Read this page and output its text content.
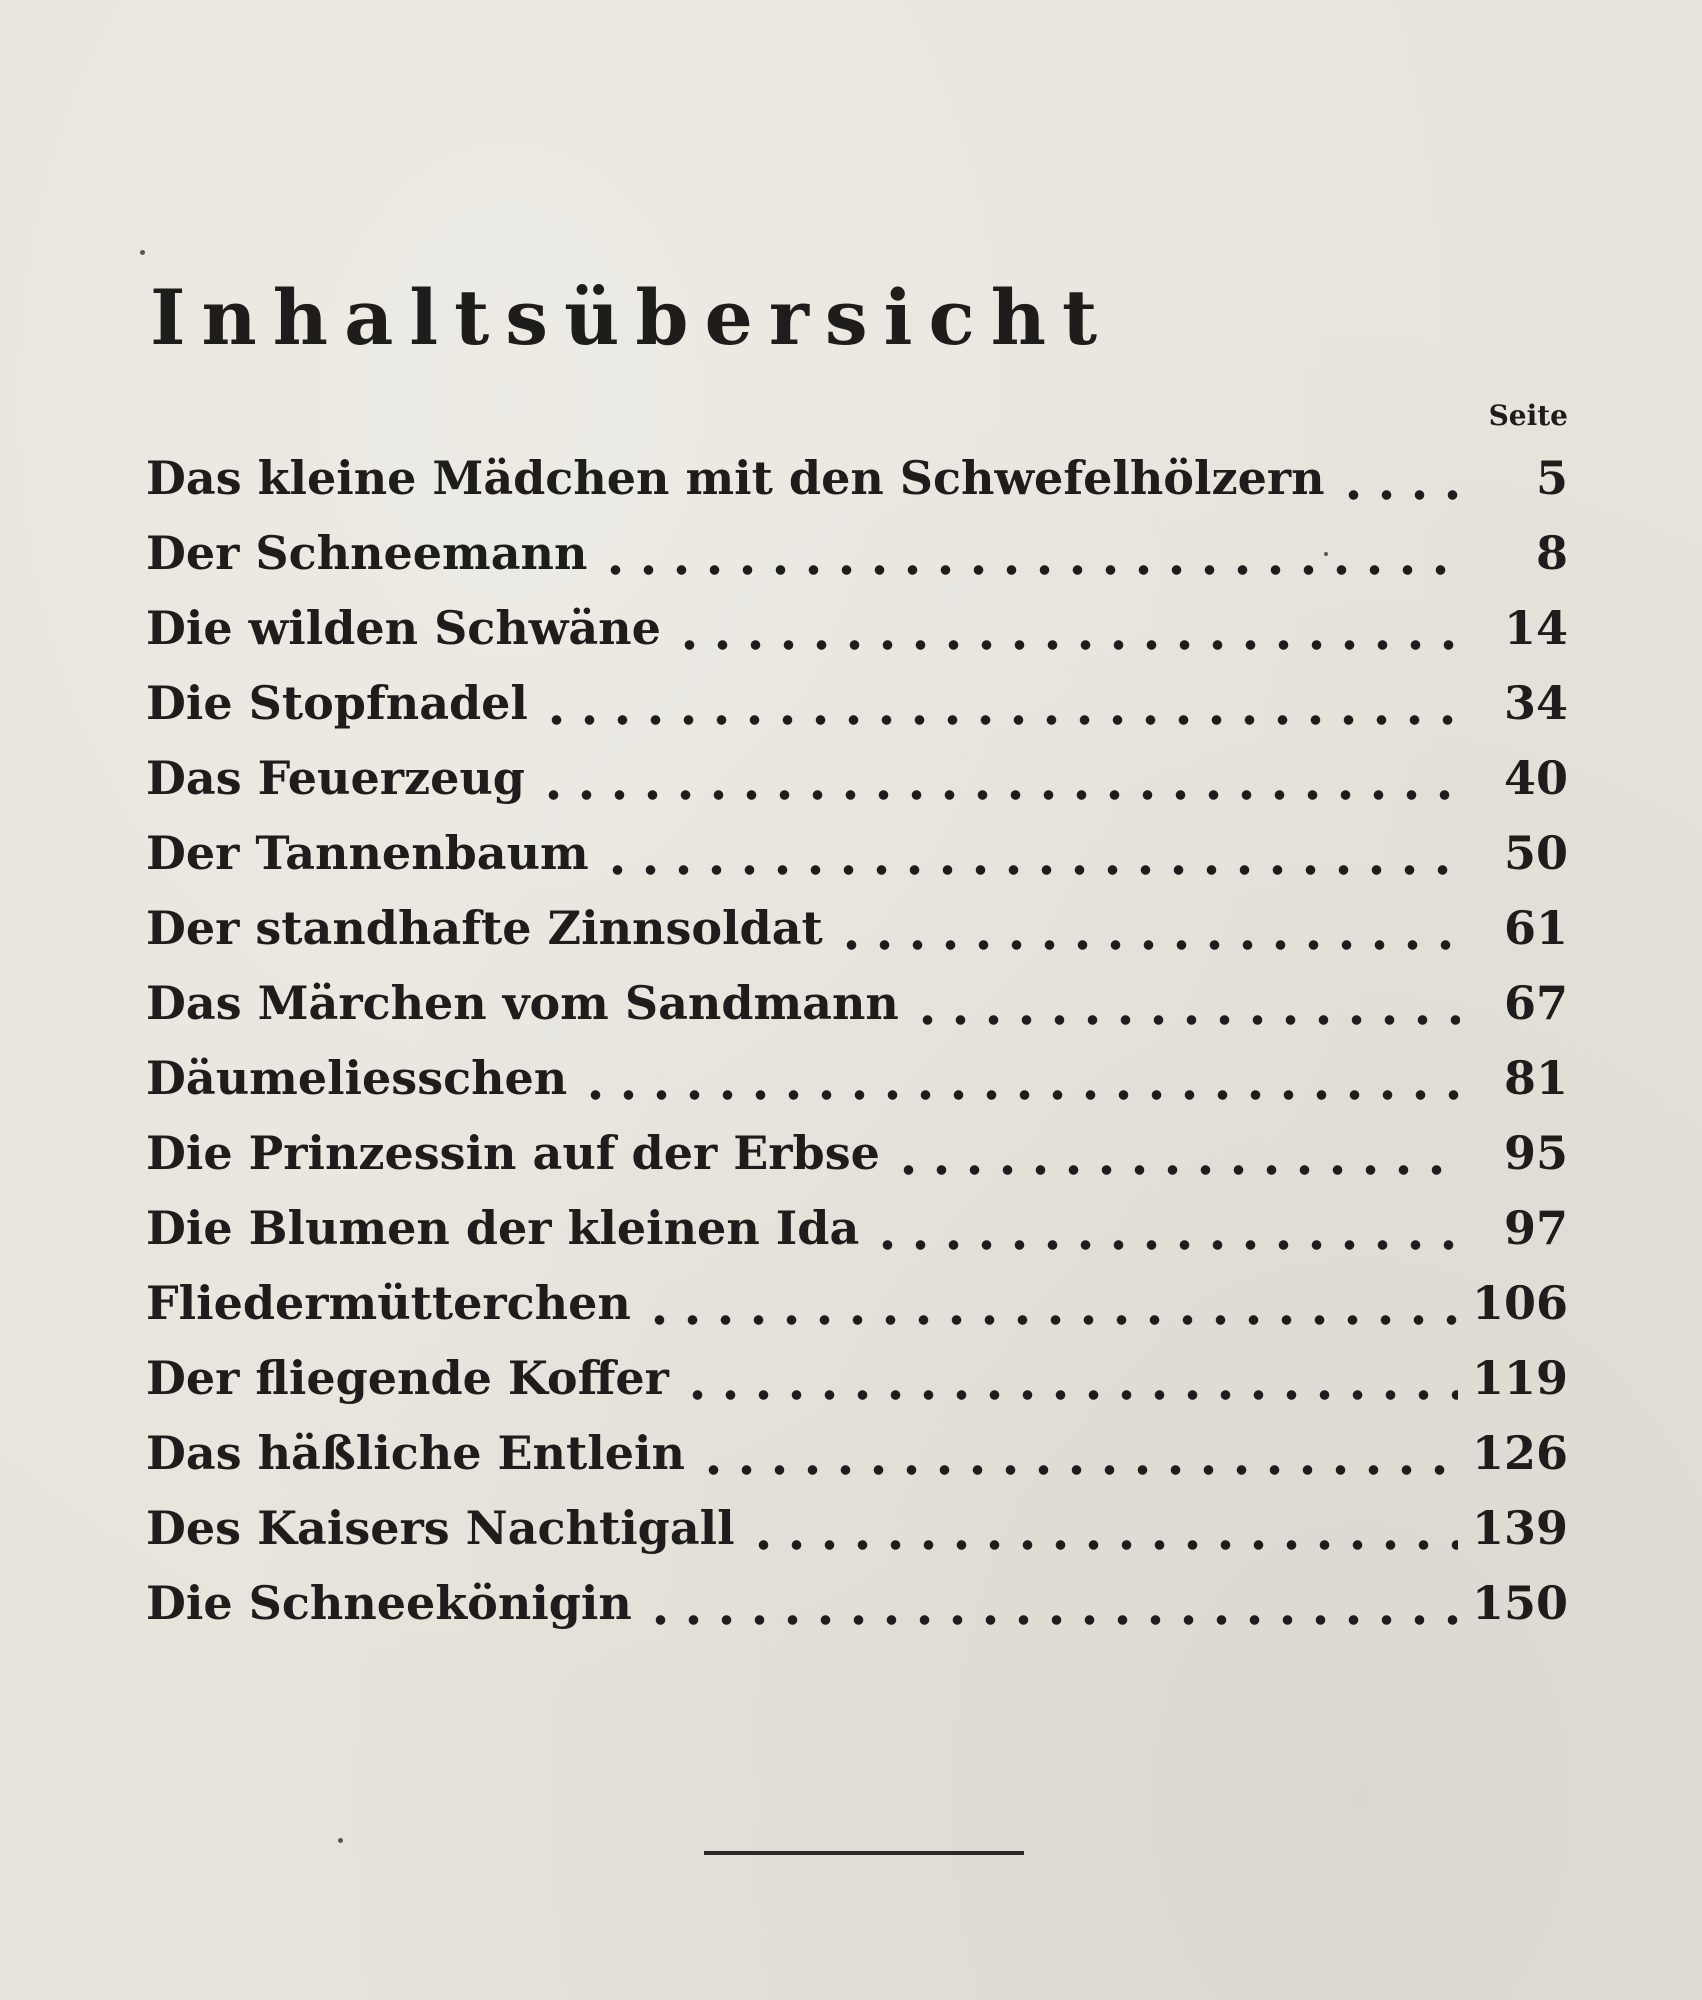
Inhaltsübersicht
Seite
Das kleine Mädchen mit den Schwefelhölzern	5
Der Schneemann	8
Die wilden Schwäne	14
Die Stopfnadel	34
Das Feuerzeug	40
Der Tannenbaum	50
Der standhafte Zinnsoldat	61
Das Märchen vom Sandmann	67
Däumeliesschen	81
Die Prinzessin auf der Erbse	95
Die Blumen der kleinen Ida	97
Fliedermütterchen	106
Der fliegende Koffer	119
Das häßliche Entlein	126
Des Kaisers Nachtigall	139
Die Schneekönigin	150
